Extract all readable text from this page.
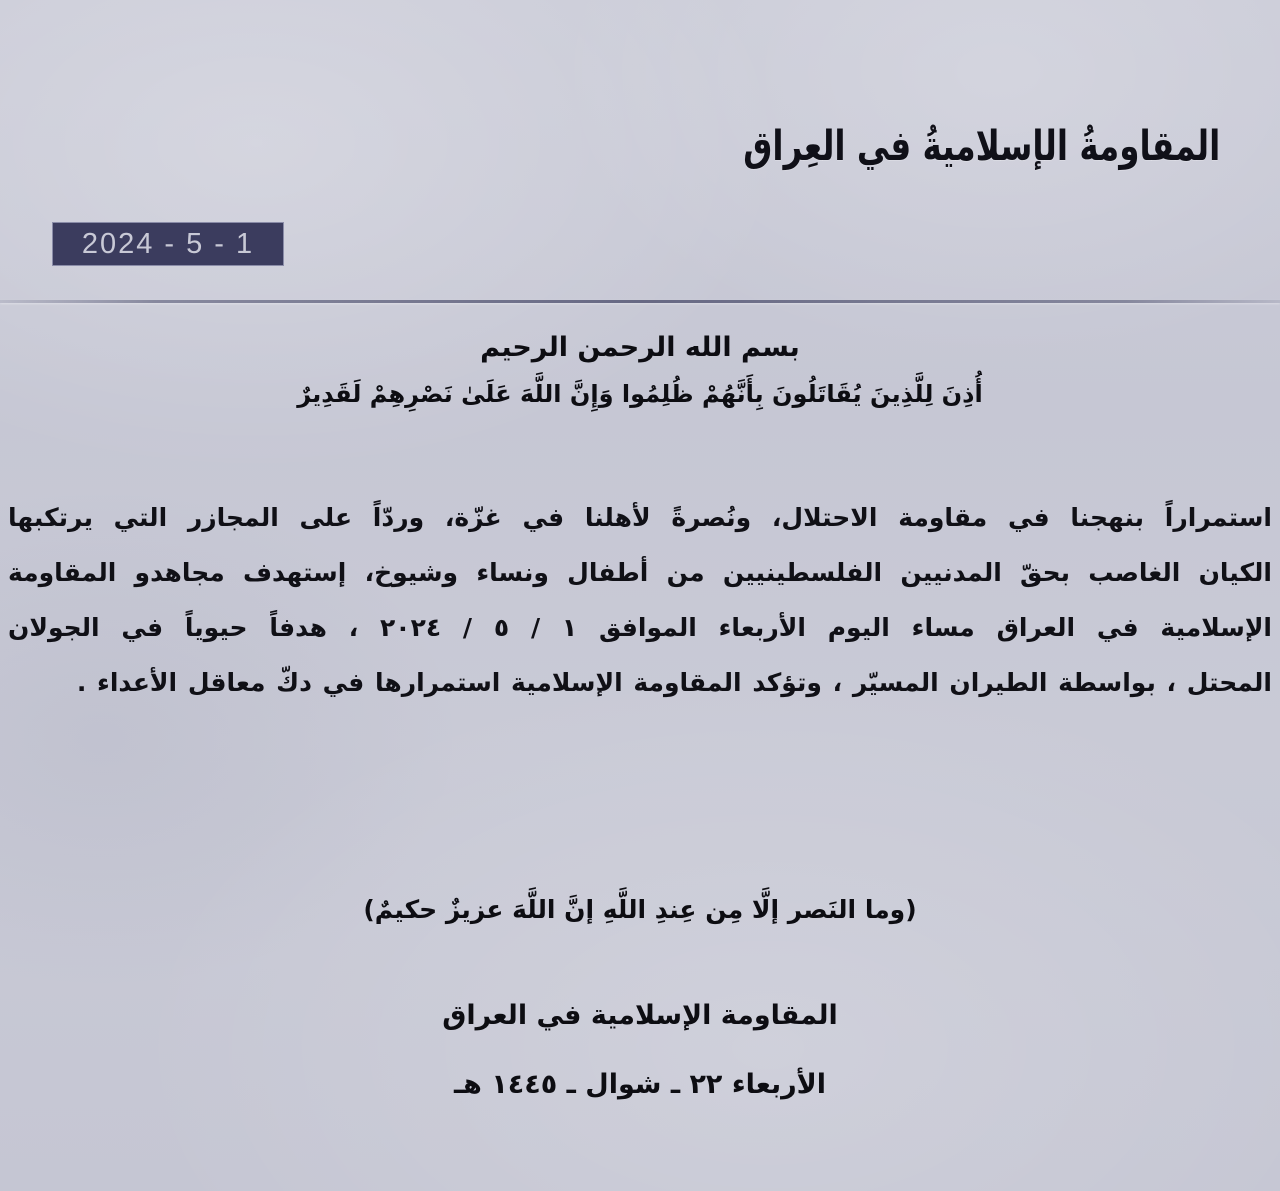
المقاومةُ الإسلاميةُ في العِراق
2024 - 5 - 1
بسم الله الرحمن الرحيم
أُذِنَ لِلَّذِينَ يُقَاتَلُونَ بِأَنَّهُمْ ظُلِمُوا وَإِنَّ اللَّهَ عَلَىٰ نَصْرِهِمْ لَقَدِيرٌ
استمراراً بنهجنا في مقاومة الاحتلال، ونُصرةً لأهلنا في غزّة، وردّاً على المجازر التي يرتكبها
الكيان الغاصب بحقّ المدنيين الفلسطينيين من أطفال ونساء وشيوخ، إستهدف مجاهدو المقاومة
الإسلامية في العراق مساء اليوم الأربعاء الموافق ١ / ٥ / ٢٠٢٤ ، هدفاً حيوياً في الجولان
المحتل ، بواسطة الطيران المسيّر ، وتؤكد المقاومة الإسلامية استمرارها في دكّ معاقل الأعداء .
(وما النَصر إلَّا مِن عِندِ اللَّهِ إنَّ اللَّهَ عزيزٌ حكيمٌ)
المقاومة الإسلامية في العراق
الأربعاء ٢٢ ـ شوال ـ ١٤٤٥ هـ
